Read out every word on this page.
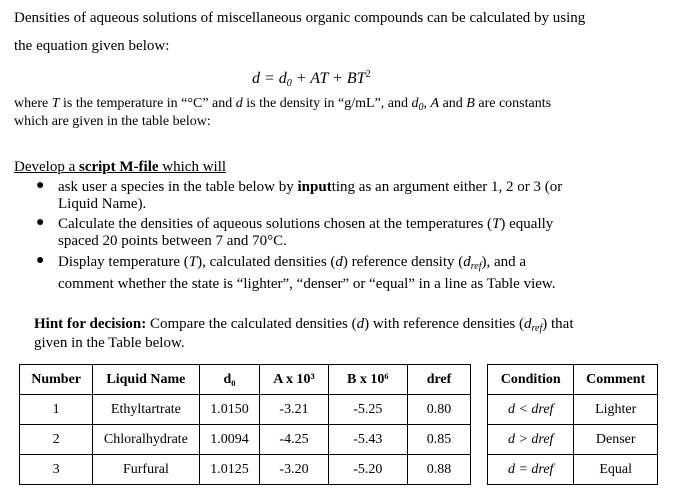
Densities of aqueous solutions of miscellaneous organic compounds can be calculated by using
the equation given below:
$d = d_0$ + AT + $BT^2$
where T is the temperature in “°C” and d is the density in “g/mL”, and $d_0$, A and B are constants
which are given in the table below:
Develop a script M-file which will
● ask user a species in the table below by inputting as an argument either 1, 2 or 3 (or
Liquid Name).
● Calculate the densities of aqueous solutions chosen at the temperatures (T) equally
spaced 20 points between 7 and 70°C.
● Display temperature (T), calculated densities (d) reference density $(d_{ref})$, and a
comment whether the state is “lighter”, “denser” or “equal” in a line as Table view.
Hint for decision: Compare the calculated densities (d) with reference densities $(d_{ref})$ that
given in the Table below.
Number	Liquid Name	d₀	A x 10³	B x 10⁶	dref
1	Ethyltartrate	1.0150	-3.21	-5.25	0.80
2	Chloralhydrate	1.0094	-4.25	-5.43	0.85
3	Furfural	1.0125	-3.20	-5.20	0.88
Condition	Comment
d < dref	Lighter
d > dref	Denser
d = dref	Equal
